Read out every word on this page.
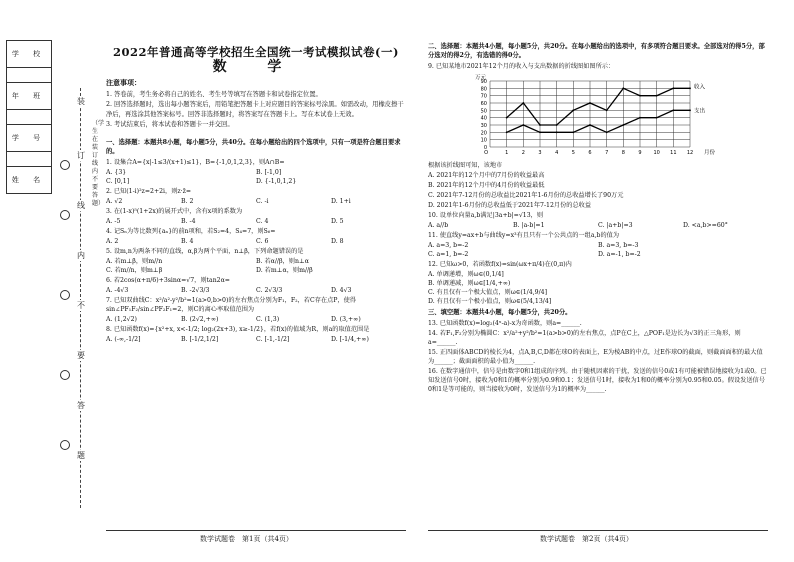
学 校

年 班

学 号

姓 名
装
订
线
内
不
要
答
题
（学生在装订线内不要答题）
2022年普通高等学校招生全国统一考试模拟试卷(一)
数 学
注意事项：

1. 答卷前，考生务必将自己的姓名、考生号等填写在答题卡和试卷指定位置。

2. 回答选择题时，选出每小题答案后，用铅笔把答题卡上对应题目的答案标号涂黑。如需改动，用橡皮擦干净后，再选涂其他答案标号。回答非选择题时，将答案写在答题卡上。写在本试卷上无效。

3. 考试结束后，将本试卷和答题卡一并交回。

一、选择题：本题共8小题，每小题5分，共40分。在每小题给出的四个选项中，只有一项是符合题目要求的。
1. 设集合A={x|-1≤3/(x+1)≤1}，B={-1,0,1,2,3}，则A∩B=
A. {3}	B. [-1,0]
C. [0,1]	D. {-1,0,1,2}
2. 已知(1-i)²z=2+2i，则z·z̄=
A. √2	B. 2	C. -i	D. 1+i
3. 在(1-x)⁵(1+2x)的展开式中，含有x项的系数为
A. -5	B. -4	C. 4	D. 5
4. 记Sₙ为等比数列{aₙ}的前n项和，若S₂=4，S₄=7，则S₆=
A. 2	B. 4	C. 6	D. 8
5. 设m,n为两条不同的直线，α,β为两个平面，n⊥β，下列命题错误的是
A. 若m⊥β，则m//n	B. 若α//β，则n⊥α
C. 若m//n，则m⊥β	D. 若m⊥α，则m//β
6. 若2cos(α+π/6)+3sinα=√7，则tan2α=
A. -4√3	B. -2√3/3	C. 2√3/3	D. 4√3
7. 已知双曲线C：x²/a²-y²/b²=1(a>0,b>0)的左右焦点分别为F₁，F₂，若C存在点P，使得sin∠PF₁F₂/sin∠PF₂F₁=2，则C的离心率取值范围为
A. (1,2√2)	B. (2√2,+∞)	C. (1,3)	D. (3,+∞)
8. 已知函数f(x)={x²+x, x<-1/2; log₂(2x+3), x≥-1/2}，若f(x)的值域为R，则a的取值范围是
A. (-∞,-1/2]	B. [-1/2,1/2]	C. [-1,-1/2]	D. [-1/4,+∞)
二、选择题：本题共4小题，每小题5分，共20分。在每小题给出的选项中，有多项符合题目要求。全部选对的得5分，部分选对的得2分，有选错的得0分。
9. 已知某地市2021年12个月的收入与支出数据的折线图如图所示：
0
10
20
30
40
50
60
70
80
90
1	2	3	4	5	6	7	8	9 10 11 12
O
万元
月份
收入
支出
根据该折线图可知，该地市
A. 2021年的12个月中的7月份的收益最高
B. 2021年的12个月中的4月份的收益最低
C. 2021年7-12月份的总收益比2021年1-6月份的总收益增长了90万元
D. 2021年1-6月份的总收益低于2021年7-12月份的总收益
10. 设单位向量a,b满足|3a+b|=√13，则
A. a//b	B. |a-b|=1	C. |a+b|=3	D. <a,b>=60°
11. 使直线y=ax+b与曲线y=x³有且只有一个公共点的一组a,b的值为
A. a=3, b=-2	B. a=3, b=-3
C. a=1, b=-2	D. a=-1, b=-2
12. 已知ω>0，若函数f(x)=sin(ωx+π/4)在(0,π)内
A. 单调递增，则ω∈(0,1/4]
B. 单调递减，则ω∈[1/4,+∞)
C. 有且仅有一个极大值点，则ω∈(1/4,9/4]
D. 有且仅有一个极小值点，则ω∈(5/4,13/4]
三、填空题：本题共4小题，每小题5分，共20分。
13. 已知函数f(x)=log₂(4ˣ-a)-x为奇函数，则a=______.
14. 若F₁,F₂分别为椭圆C：x²/a²+y²/b²=1(a>b>0)的左右焦点，点P在C上，△POF₁是边长为√3的正三角形，则a=______.
15. 正四面体ABCD的棱长为4，点A,B,C,D都在球O的表面上，E为棱AB的中点，过E作球O的截面，则截面面积的最大值为______；截面面积的最小值为______.
16. 在数字通信中，信号是由数字0和1组成的序列。由于随机因素的干扰，发送的信号0或1有可能被错误地接收为1或0。已知发送信号0时，接收为0和1的概率分别为0.9和0.1；发送信号1时，接收为1和0的概率分别为0.95和0.05。假设发送信号0和1是等可能的，则当接收为0时，发送信号为1的概率为______.
数学试题卷　第1页（共4页）	数学试题卷　第2页（共4页）
